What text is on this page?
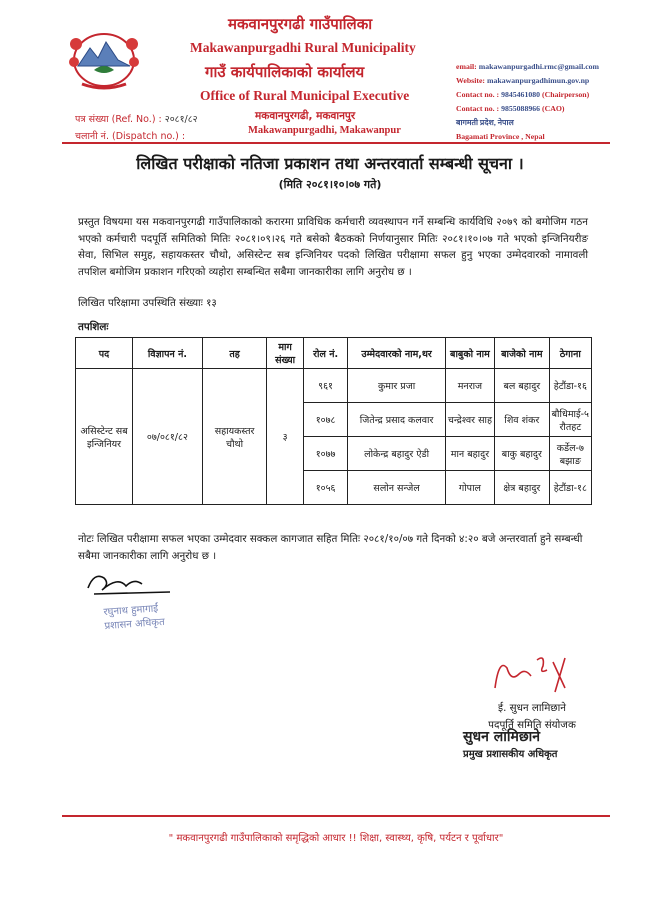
मकवानपुरगढी गाउँपालिका
Makawanpurgadhi Rural Municipality
गाउँ कार्यपालिकाको कार्यालय
Office of Rural Municipal Executive
मकवानपुरगढी, मकवानपुर
Makawanpurgadhi, Makawanpur
email: makawanpurgadhi.rmc@gmail.com
Website: makawanpurgadhimun.gov.np
Contact no. : 9845461080 (Chairperson)
Contact no. : 9855088966 (CAO)
बागमती प्रदेश, नेपाल
Bagamati Province , Nepal
पत्र संख्या (Ref. No.) : २०८१/८२
चलानी नं. (Dispatch no.) :
लिखित परीक्षाको नतिजा प्रकाशन तथा अन्तरवार्ता सम्बन्धी सूचना ।
(मिति २०८१।१०।०७ गते)
प्रस्तुत विषयमा यस मकवानपुरगढी गाउँपालिकाको करारमा प्राविधिक कर्मचारी व्यवस्थापन गर्ने सम्बन्धि कार्यविधि २०७९ को बमोजिम गठन भएको कर्मचारी पदपूर्ति समितिको मितिः २०८१।०९।२६ गते बसेको बैठकको निर्णयानुसार मितिः २०८१।१०।०७ गते भएको इन्जिनियरीङ सेवा, सिभिल समुह, सहायकस्तर चौथो, असिस्टेन्ट सब इन्जिनियर पदको लिखित परीक्षामा सफल हुनु भएका उम्मेदवारको नामावली तपशिल बमोजिम प्रकाशन गरिएको व्यहोरा सम्बन्धित सबैमा जानकारीका लागि अनुरोध छ ।
लिखित परिक्षामा उपस्थिति संख्याः १३
तपशिलः
पद	विज्ञापन नं.	तह	माग संख्या	रोल नं.	उम्मेदवारको नाम,थर	बाबुको नाम	बाजेको नाम	ठेगाना
असिस्टेन्ट सब इन्जिनियर	०७/०८१/८२	सहायकस्तर चौथो	३	९६१	कुमार प्रजा	मनराज	बल बहादुर	हेटौंडा-१६
				१०७८	जितेन्द्र प्रसाद कलवार	चन्द्रेश्वर साह	शिव शंकर	बौधिमाई-५ रौतहट
				१०७७	लोकेन्द्र बहादुर ऐडी	मान बहादुर	बाकु बहादुर	कर्डेल-७ बझाङ
				१०५६	सलोन सन्जेल	गोपाल	क्षेत्र बहादुर	हेटौंडा-१८
नोटः लिखित परीक्षामा सफल भएका उम्मेदवार सक्कल कागजात सहित मितिः २०८१/१०/०७ गते दिनको ४:२० बजे अन्तरवार्ता हुने सम्बन्धी सबैमा जानकारीका लागि अनुरोध छ ।
रघुनाथ हुमागाईं
प्रशासन अधिकृत
ई. सुधन लामिछाने
पदपूर्ति समिति संयोजक
सुधन लामिछाने
प्रमुख प्रशासकीय अधिकृत
" मकवानपुरगढी गाउँपालिकाको समृद्धिको आधार !! शिक्षा, स्वास्थ्य, कृषि, पर्यटन र पूर्वाधार"
